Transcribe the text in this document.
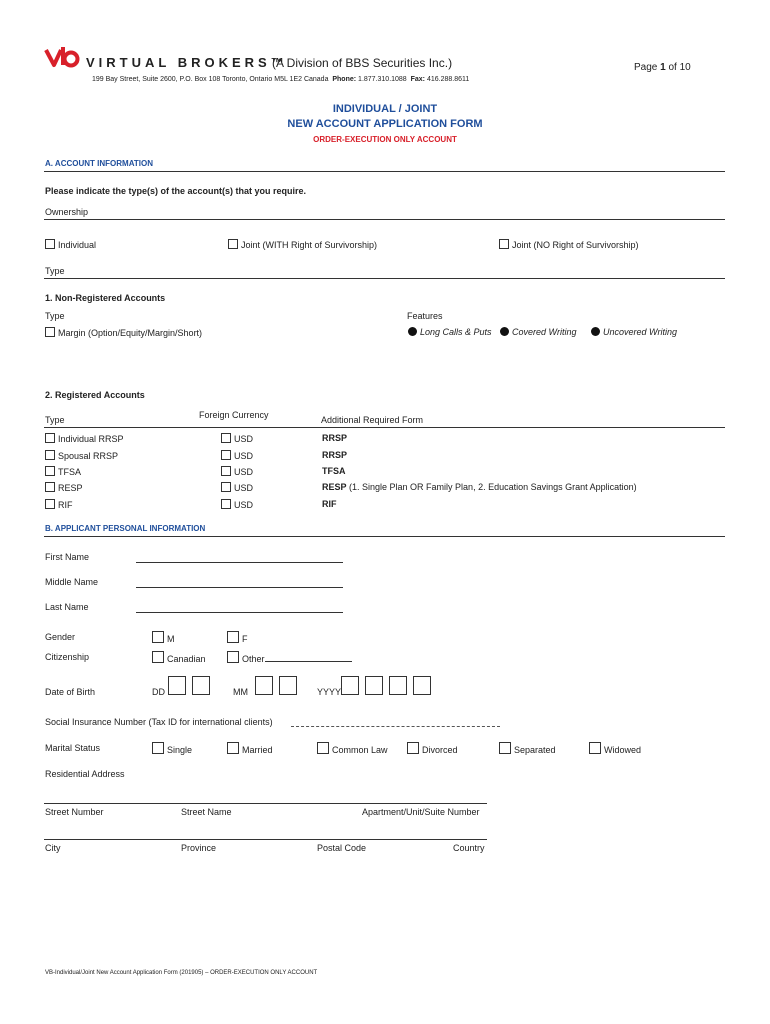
VIRTUAL BROKERS™
(A Division of BBS Securities Inc.)
199 Bay Street, Suite 2600, P.O. Box 108 Toronto, Ontario M5L 1E2 Canada Phone: 1.877.310.1088 Fax: 416.288.8611
Page 1 of 10
INDIVIDUAL / JOINT
NEW ACCOUNT APPLICATION FORM
ORDER-EXECUTION ONLY ACCOUNT
A. ACCOUNT INFORMATION
Please indicate the type(s) of the account(s) that you require.
Ownership
Individual	Joint (WITH Right of Survivorship)	Joint (NO Right of Survivorship)
Type
1. Non-Registered Accounts
Type
Margin (Option/Equity/Margin/Short)
Features
Long Calls & Puts	Covered Writing	Uncovered Writing
2. Registered Accounts
Type	Foreign Currency	Additional Required Form
Individual RRSP	USD	RRSP
Spousal RRSP	USD	RRSP
TFSA	USD	TFSA
RESP	USD	RESP (1. Single Plan OR Family Plan, 2. Education Savings Grant Application)
RIF	USD	RIF
B. APPLICANT PERSONAL INFORMATION
First Name
Middle Name
Last Name
Gender	M	F
Citizenship	Canadian	Other
Date of Birth	DD	MM	YYYY
Social Insurance Number (Tax ID for international clients)
Marital Status	Single	Married	Common Law	Divorced	Separated	Widowed
Residential Address
Street Number	Street Name	Apartment/Unit/Suite Number
City	Province	Postal Code	Country
VB-Individual/Joint New Account Application Form (201905) – ORDER-EXECUTION ONLY ACCOUNT
